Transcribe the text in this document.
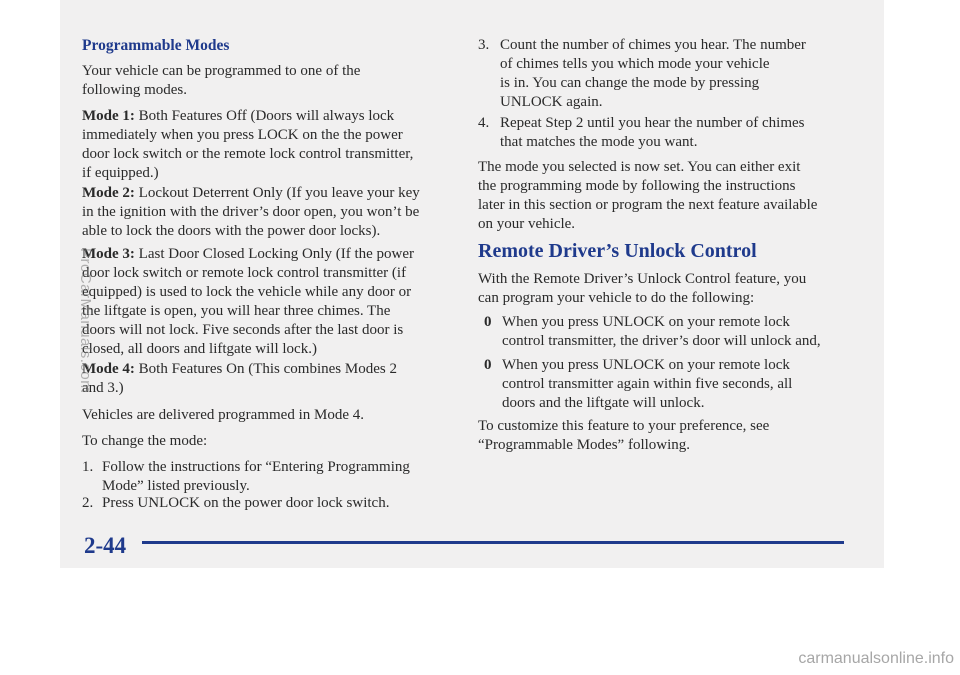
Programmable Modes
Your vehicle can be programmed to one of the
following modes.
Mode 1: Both Features Off (Doors will always lock
immediately when you press LOCK on the the power
door lock switch or the remote lock control transmitter,
if equipped.)
Mode 2: Lockout Deterrent Only (If you leave your key
in the ignition with the driver’s door open, you won’t be
able to lock the doors with the power door locks).
Mode 3: Last Door Closed Locking Only (If the power
door lock switch or remote lock control transmitter (if
equipped) is used to lock the vehicle while any door or
the liftgate is open, you will hear three chimes. The
doors will not lock. Five seconds after the last door is
closed, all doors and liftgate will lock.)
Mode 4: Both Features On (This combines Modes 2
and 3.)
Vehicles are delivered programmed in Mode 4.
To change the mode:
1. Follow the instructions for “Entering Programming
Mode” listed previously.
2. Press UNLOCK on the power door lock switch.
3. Count the number of chimes you hear. The number
of chimes tells you which mode your vehicle
is in. You can change the mode by pressing
UNLOCK again.
4. Repeat Step 2 until you hear the number of chimes
that matches the mode you want.
The mode you selected is now set. You can either exit
the programming mode by following the instructions
later in this section or program the next feature available
on your vehicle.
Remote Driver’s Unlock Control
With the Remote Driver’s Unlock Control feature, you
can program your vehicle to do the following:
0 When you press UNLOCK on your remote lock
control transmitter, the driver’s door will unlock and,
0 When you press UNLOCK on your remote lock
control transmitter again within five seconds, all
doors and the liftgate will unlock.
To customize this feature to your preference, see
“Programmable Modes” following.
2-44
ProCarManuals.com
carmanualsonline.info
